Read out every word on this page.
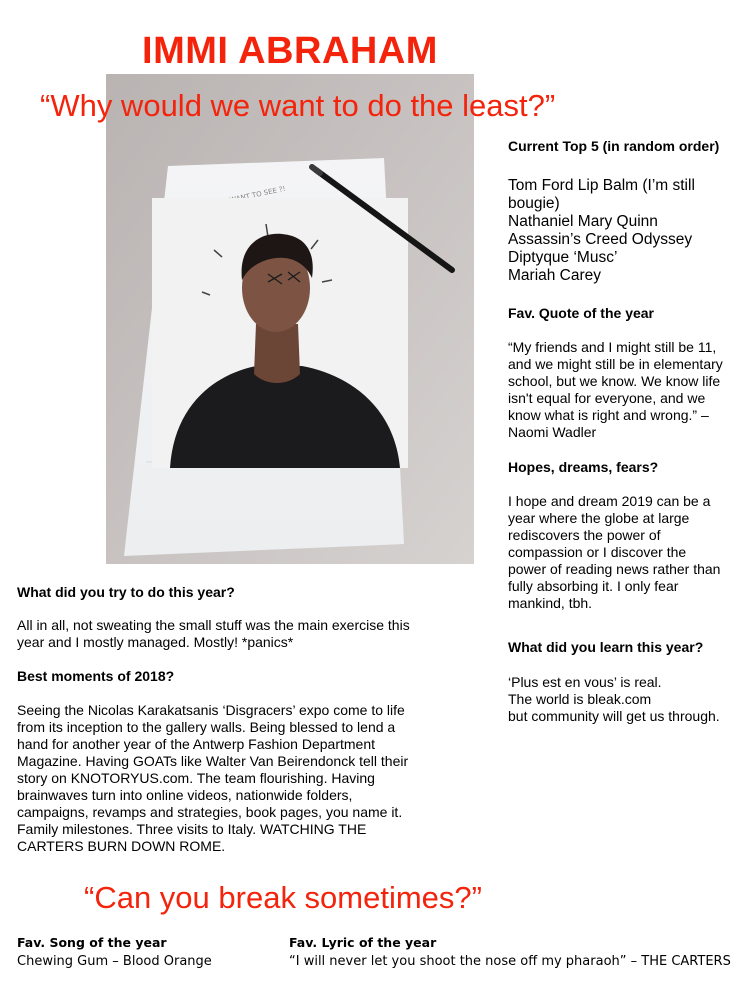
IMMI ABRAHAM
“Why would we want to do the least?”
Current Top 5 (in random order)
Tom Ford Lip Balm (I’m still bougie)
Nathaniel Mary Quinn
Assassin’s Creed Odyssey
Diptyque ‘Musc’
Mariah Carey
Fav. Quote of the year

“My friends and I might still be 11, and we might still be in elementary school, but we know. We know life isn't equal for everyone, and we know what is right and wrong.” – Naomi Wadler

Hopes, dreams, fears?

I hope and dream 2019 can be a year where the globe at large rediscovers the power of compassion or I discover the power of reading news rather than fully absorbing it. I only fear mankind, tbh.

What did you learn this year?
‘Plus est en vous’ is real.
The world is bleak.com
but community will get us through.
What did you try to do this year?

All in all, not sweating the small stuff was the main exercise this year and I mostly managed. Mostly! *panics*

Best moments of 2018?

Seeing the Nicolas Karakatsanis ‘Disgracers’ expo come to life from its inception to the gallery walls. Being blessed to lend a hand for another year of the Antwerp Fashion Department Magazine. Having GOATs like Walter Van Beirendonck tell their story on KNOTORYUS.com. The team flourishing. Having brainwaves turn into online videos, nationwide folders, campaigns, revamps and strategies, book pages, you name it. Family milestones. Three visits to Italy. WATCHING THE CARTERS BURN DOWN ROME.

“Can you break sometimes?”
Fav. Song of the year
Chewing Gum – Blood Orange
Fav. Lyric of the year
“I will never let you shoot the nose off my pharaoh” – THE CARTERS
